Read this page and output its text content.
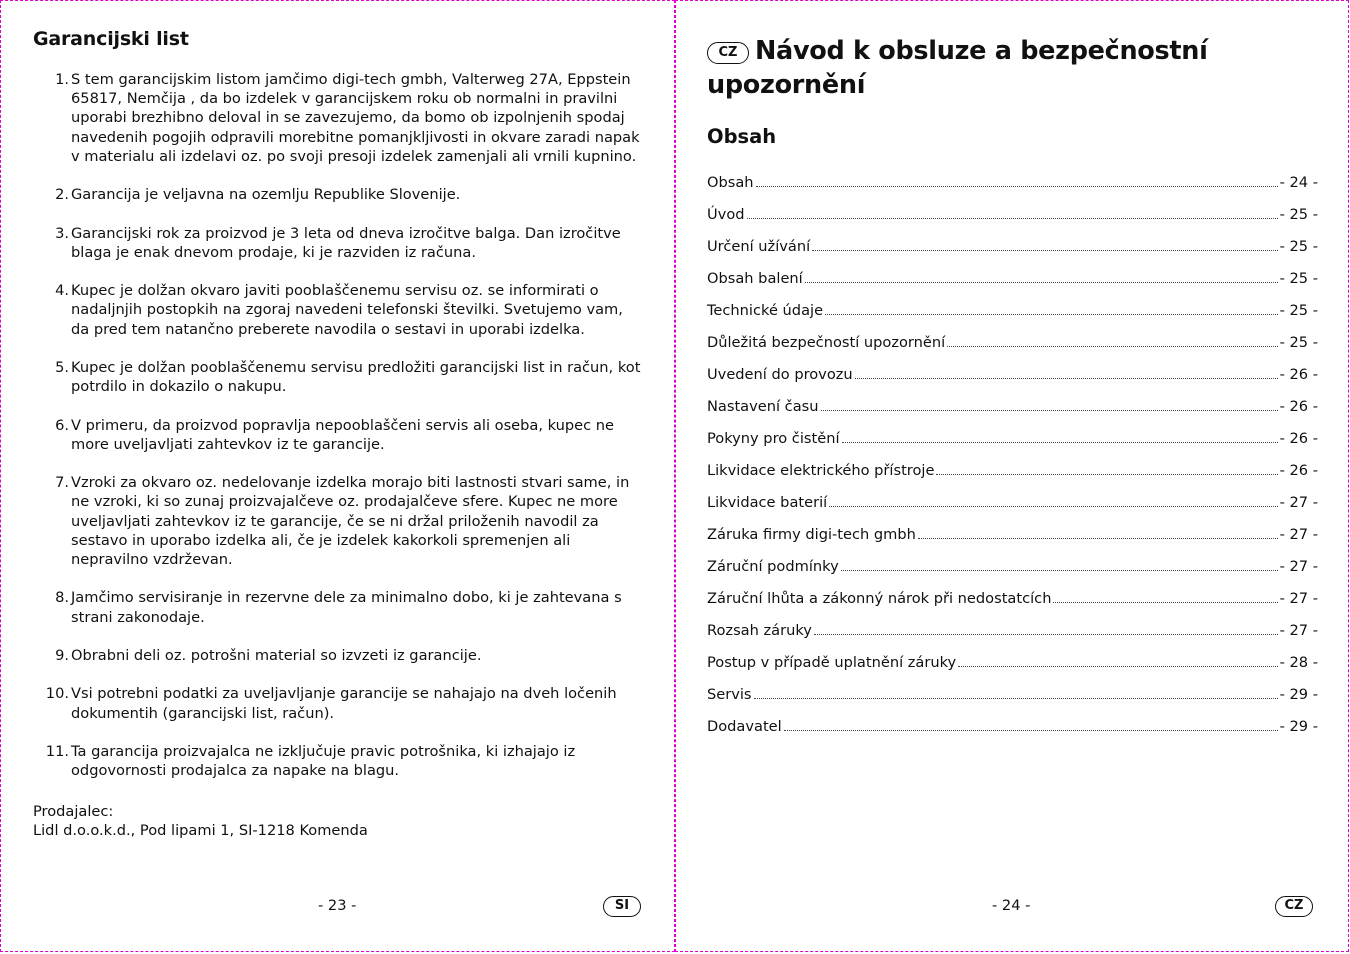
Garancijski list
1. S tem garancijskim listom jamčimo digi-tech gmbh, Valterweg 27A, Eppstein 65817, Nemčija , da bo izdelek v garancijskem roku ob normalni in pravilni uporabi brezhibno deloval in se zavezujemo, da bomo ob izpolnjenih spodaj navedenih pogojih odpravili morebitne pomanjkljivosti in okvare zaradi napak v materialu ali izdelavi oz. po svoji presoji izdelek zamenjali ali vrnili kupnino.
2. Garancija je veljavna na ozemlju Republike Slovenije.
3. Garancijski rok za proizvod je 3 leta od dneva izročitve balga. Dan izročitve blaga je enak dnevom prodaje, ki je razviden iz računa.
4. Kupec je dolžan okvaro javiti pooblaščenemu servisu oz. se informirati o nadaljnjih postopkih na zgoraj navedeni telefonski številki. Svetujemo vam, da pred tem natančno preberete navodila o sestavi in uporabi izdelka.
5. Kupec je dolžan pooblaščenemu servisu predložiti garancijski list in račun, kot potrdilo in dokazilo o nakupu.
6. V primeru, da proizvod popravlja nepooblaščeni servis ali oseba, kupec ne more uveljavljati zahtevkov iz te garancije.
7. Vzroki za okvaro oz. nedelovanje izdelka morajo biti lastnosti stvari same, in ne vzroki, ki so zunaj proizvajalčeve oz. prodajalčeve sfere. Kupec ne more uveljavljati zahtevkov iz te garancije, če se ni držal priloženih navodil za sestavo in uporabo izdelka ali, če je izdelek kakorkoli spremenjen ali nepravilno vzdrževan.
8. Jamčimo servisiranje in rezervne dele za minimalno dobo, ki je zahtevana s strani zakonodaje.
9. Obrabni deli oz. potrošni material so izvzeti iz garancije.
10. Vsi potrebni podatki za uveljavljanje garancije se nahajajo na dveh ločenih dokumentih (garancijski list, račun).
11. Ta garancija proizvajalca ne izključuje pravic potrošnika, ki izhajajo iz odgovornosti prodajalca za napake na blagu.
Prodajalec:
Lidl d.o.o.k.d., Pod lipami 1, SI-1218 Komenda
- 23 -	SI
CZ Návod k obsluze a bezpečnostní upozornění
Obsah
Obsah	- 24 -
Úvod	- 25 -
Určení užívání	- 25 -
Obsah balení	- 25 -
Technické údaje	- 25 -
Důležitá bezpečností upozornění	- 25 -
Uvedení do provozu	- 26 -
Nastavení času	- 26 -
Pokyny pro čistění	- 26 -
Likvidace elektrického přístroje	- 26 -
Likvidace baterií	- 27 -
Záruka firmy digi-tech gmbh	- 27 -
Záruční podmínky	- 27 -
Záruční lhůta a zákonný nárok při nedostatcích	- 27 -
Rozsah záruky	- 27 -
Postup v případě uplatnění záruky	- 28 -
Servis	- 29 -
Dodavatel	- 29 -
- 24 -	CZ
